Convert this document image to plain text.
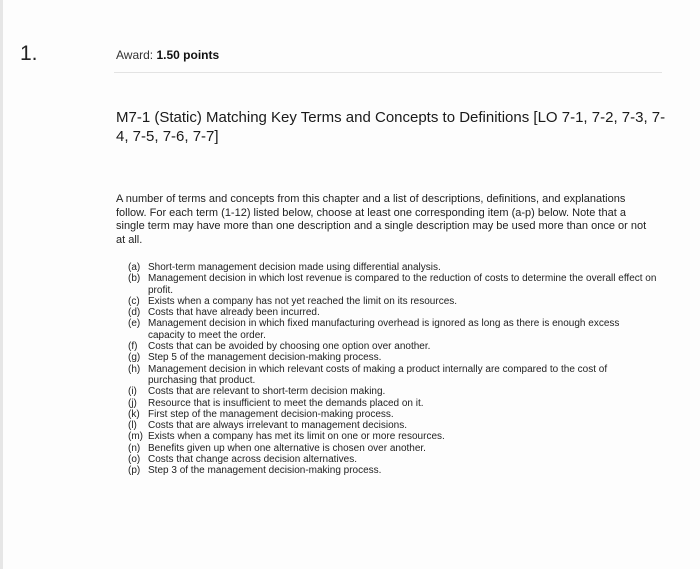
1.	Award: 1.50 points
M7-1 (Static) Matching Key Terms and Concepts to Definitions [LO 7-1, 7-2, 7-3, 7-4, 7-5, 7-6, 7-7]
A number of terms and concepts from this chapter and a list of descriptions, definitions, and explanations follow. For each term (1-12) listed below, choose at least one corresponding item (a-p) below. Note that a single term may have more than one description and a single description may be used more than once or not at all.
(a) Short-term management decision made using differential analysis.
(b) Management decision in which lost revenue is compared to the reduction of costs to determine the overall effect on profit.
(c) Exists when a company has not yet reached the limit on its resources.
(d) Costs that have already been incurred.
(e) Management decision in which fixed manufacturing overhead is ignored as long as there is enough excess capacity to meet the order.
(f)	Costs that can be avoided by choosing one option over another.
(g) Step 5 of the management decision-making process.
(h) Management decision in which relevant costs of making a product internally are compared to the cost of purchasing that product.
(i)	Costs that are relevant to short-term decision making.
(j)	Resource that is insufficient to meet the demands placed on it.
(k) First step of the management decision-making process.
(l)	Costs that are always irrelevant to management decisions.
(m) Exists when a company has met its limit on one or more resources.
(n) Benefits given up when one alternative is chosen over another.
(o) Costs that change across decision alternatives.
(p) Step 3 of the management decision-making process.
